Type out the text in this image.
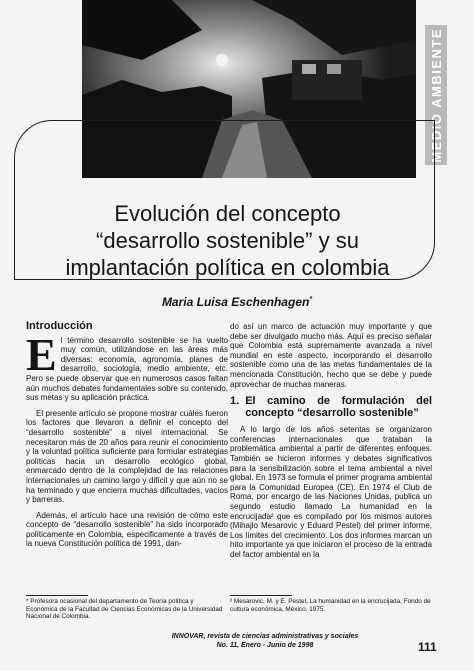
MEDIO AMBIENTE
Evolución del concepto
“desarrollo sostenible” y su
implantación política en colombia
Maria Luisa Eschenhagen*
Introducción

E l término desarrollo sostenible se ha vuelto muy común, utilizándose en las áreas más diversas: economía, agronomía, planes de desarrollo, sociología, medio ambiente, etc. Pero se puede observar que en numerosos casos faltan aún muchos debates fundamentales sobre su contenido, sus metas y su aplicación práctica.

El presente artículo se propone mostrar cuáles fueron los factores que llevaron a definir el concepto del “desarrollo sostenible” a nivel internacional. Se necesitaron más de 20 años para reunir el conocimiento y la voluntad política suficiente para formular estrategias políticas hacia un desarrollo ecológico global, enmarcado dentro de la complejidad de las relaciones internacionales un camino largo y difícil y que aún no se ha terminado y que encierra muchas dificultades, vacíos y barreras.

Además, el artículo hace una revisión de cómo este concepto de “desarrollo sostenible” ha sido incorporado políticamente en Colombia, especificamente a través de la nueva Constitución política de 1991, dan-

do así un marco de actuación muy importante y que debe ser divulgado mucho más. Aquí es preciso señalar que Colombia está supremamente avanzada a nivel mundial en este aspecto, incorporando el desarrollo sostenible como una de las metas fundamentales de la mencionada Constitución, hecho que se debe y puede aprovechar de muchas maneras.

1. El camino de formulación del concepto “desarrollo sostenible”

A lo largo de los años setentas se organizaron conferencias internacionales que trataban la problemática ambiental a partir de diferentes enfoques. También se hicieron informes y debates significativos para la sensibilización sobre el tema ambiental a nivel global. En 1973 se formula el primer programa ambiental para la Comunidad Europea (CE). En 1974 el Club de Roma, por encargo de las Naciones Unidas, publica un segundo estudio llamado La humanidad en la encrucijada² que es compilado por los mismos autores (Mihajlo Mesarovic y Eduard Pestel) del primer informe, Los límites del crecimiento. Los dos informes marcan un hito importante ya que iniciaron el proceso de la entrada del factor ambiental en la

* Profesora ocasional del departamento de Teoría política y Económica de la Facultad de Ciencias Económicas de la Universidad Nacional de Colombia.
² Mesarovic, M. y E. Pestel, La humanidad en la encrucijada, Fondo de cultura económica, México, 1975.
INNOVAR, revista de ciencias administrativas y sociales
No. 11, Enero - Junio de 1998	111
